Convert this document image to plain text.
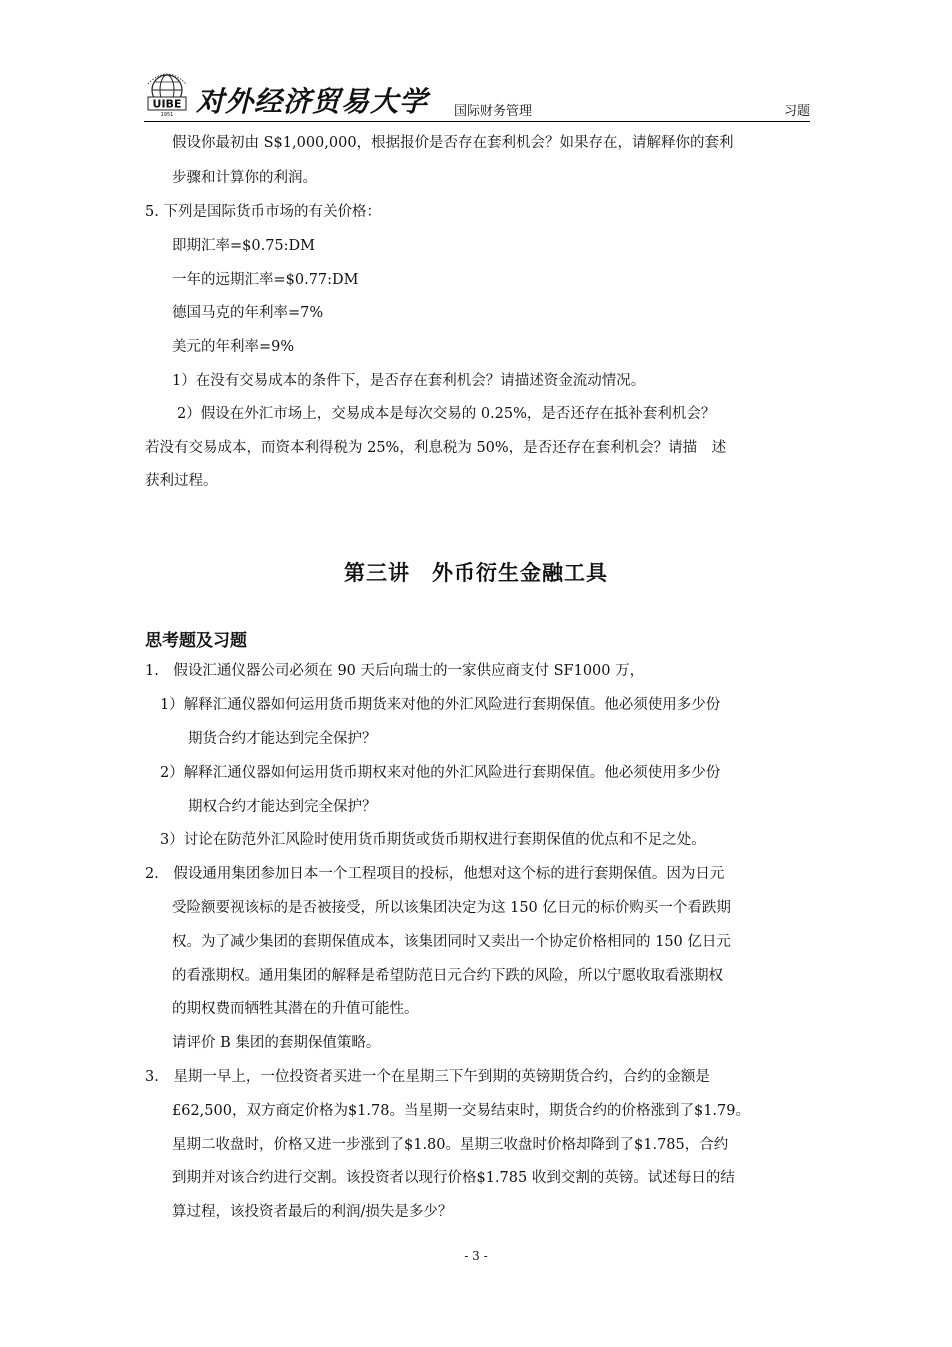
UIBE
1951 对外经济贸易大学 国际财务管理	习题
假设你最初由 S$1,000,000，根据报价是否存在套利机会？如果存在，请解释你的套利
步骤和计算你的利润。
5. 下列是国际货币市场的有关价格：
即期汇率=$0.75:DM
一年的远期汇率=$0.77:DM
德国马克的年利率=7%
美元的年利率=9%
1）在没有交易成本的条件下，是否存在套利机会？请描述资金流动情况。
2）假设在外汇市场上，交易成本是每次交易的 0.25%，是否还存在抵补套利机会？
若没有交易成本，而资本利得税为 25%，利息税为 50%，是否还存在套利机会？请描　述
获利过程。
第三讲　外币衍生金融工具
思考题及习题
1.　假设汇通仪器公司必须在 90 天后向瑞士的一家供应商支付 SF1000 万，
1）解释汇通仪器如何运用货币期货来对他的外汇风险进行套期保值。他必须使用多少份
期货合约才能达到完全保护？
2）解释汇通仪器如何运用货币期权来对他的外汇风险进行套期保值。他必须使用多少份
期权合约才能达到完全保护？
3）讨论在防范外汇风险时使用货币期货或货币期权进行套期保值的优点和不足之处。
2.　假设通用集团参加日本一个工程项目的投标，他想对这个标的进行套期保值。因为日元
受险额要视该标的是否被接受，所以该集团决定为这 150 亿日元的标价购买一个看跌期
权。为了减少集团的套期保值成本，该集团同时又卖出一个协定价格相同的 150 亿日元
的看涨期权。通用集团的解释是希望防范日元合约下跌的风险，所以宁愿收取看涨期权
的期权费而牺牲其潜在的升值可能性。
请评价 B 集团的套期保值策略。
3.　星期一早上，一位投资者买进一个在星期三下午到期的英镑期货合约，合约的金额是
£62,500，双方商定价格为$1.78。当星期一交易结束时，期货合约的价格涨到了$1.79。
星期二收盘时，价格又进一步涨到了$1.80。星期三收盘时价格却降到了$1.785，合约
到期并对该合约进行交割。该投资者以现行价格$1.785 收到交割的英镑。试述每日的结
算过程，该投资者最后的利润/损失是多少？
- 3 -
